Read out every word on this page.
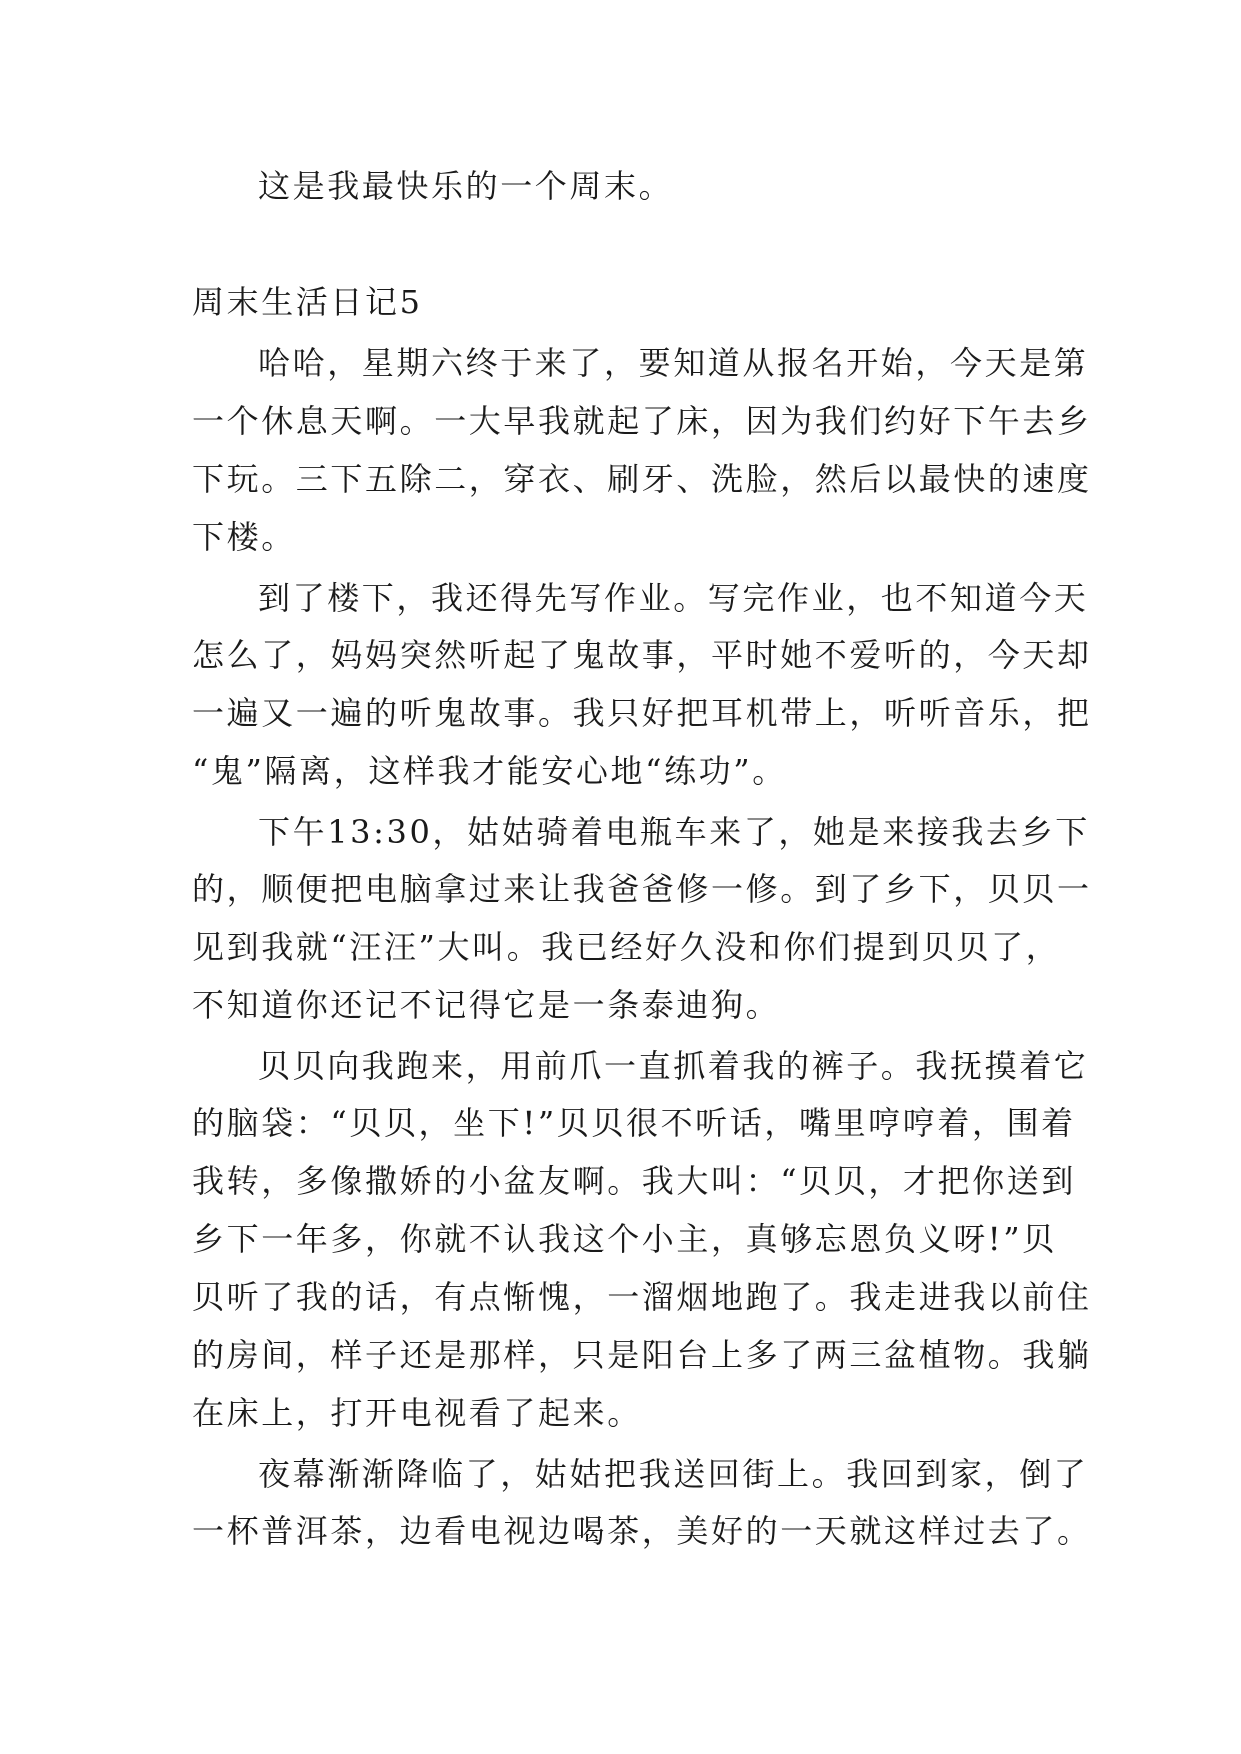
这是我最快乐的一个周末。
周末生活日记5
哈哈，星期六终于来了，要知道从报名开始，今天是第
一个休息天啊。一大早我就起了床，因为我们约好下午去乡
下玩。三下五除二，穿衣、刷牙、洗脸，然后以最快的速度
下楼。
到了楼下，我还得先写作业。写完作业，也不知道今天
怎么了，妈妈突然听起了鬼故事，平时她不爱听的，今天却
一遍又一遍的听鬼故事。我只好把耳机带上，听听音乐，把
“鬼”隔离，这样我才能安心地“练功”。
下午13:30，姑姑骑着电瓶车来了，她是来接我去乡下
的，顺便把电脑拿过来让我爸爸修一修。到了乡下，贝贝一
见到我就“汪汪”大叫。我已经好久没和你们提到贝贝了，
不知道你还记不记得它是一条泰迪狗。
贝贝向我跑来，用前爪一直抓着我的裤子。我抚摸着它
的脑袋：“贝贝，坐下!”贝贝很不听话，嘴里哼哼着，围着
我转，多像撒娇的小盆友啊。我大叫：“贝贝，才把你送到
乡下一年多，你就不认我这个小主，真够忘恩负义呀!”贝
贝听了我的话，有点惭愧，一溜烟地跑了。我走进我以前住
的房间，样子还是那样，只是阳台上多了两三盆植物。我躺
在床上，打开电视看了起来。
夜幕渐渐降临了，姑姑把我送回街上。我回到家，倒了
一杯普洱茶，边看电视边喝茶，美好的一天就这样过去了。
